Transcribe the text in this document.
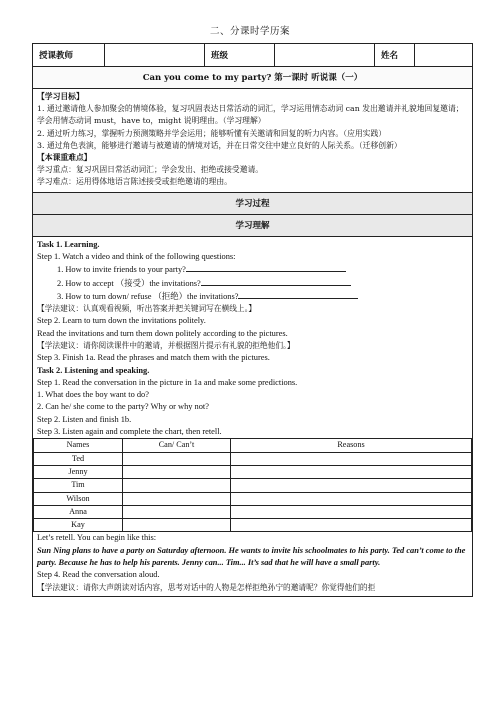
二、分课时学历案
授课教师	班级	姓名
Can you come to my party? 第一课时 听说课（一）

【学习目标】

1. 通过邀请他人参加聚会的情境体验，复习巩固表达日常活动的词汇，学习运用情态动词 can 发出邀请并礼貌地回复邀请；学会用情态动词 must，have to，might 说明理由。（学习理解）

2. 通过听力练习，掌握听力预测策略并学会运用；能够听懂有关邀请和回复的听力内容。（应用实践）

3. 通过角色表演，能够进行邀请与被邀请的情境对话，并在日常交往中建立良好的人际关系。（迁移创新）

【本课重难点】

学习重点：复习巩固日常活动词汇；学会发出、拒绝或接受邀请。

学习难点：运用得体地语言陈述接受或拒绝邀请的理由。

学习过程
学习理解

Task 1. Learning.

Step 1. Watch a video and think of the following questions:

1. How to invite friends to your party?

2. How to accept （接受）the invitations?

3. How to turn down/ refuse （拒绝）the invitations?

【学法建议：认真观看视频，听出答案并把关键词写在横线上。】

Step 2. Learn to turn down the invitations politely.

Read the invitations and turn them down politely according to the pictures.

【学法建议：请你阅读课件中的邀请，并根据图片提示有礼貌的拒绝他们。】

Step 3. Finish 1a. Read the phrases and match them with the pictures.

Task 2. Listening and speaking.

Step 1. Read the conversation in the picture in 1a and make some predictions.

1. What does the boy want to do?

2. Can he/ she come to the party? Why or why not?

Step 2. Listen and finish 1b.

Step 3. Listen again and complete the chart, then retell.

Names	Can/ Can’t	Reasons
Ted		
Jenny		
Tim		
Wilson		
Anna		
Kay		

Let’s retell. You can begin like this:

Sun Ning plans to have a party on Saturday afternoon. He wants to invite his schoolmates to his party. Ted can’t come to the party. Because he has to help his parents. Jenny can... Tim... It’s sad that he will have a small party.

Step 4. Read the conversation aloud.

【学法建议：请你大声朗读对话内容，思考对话中的人物是怎样拒绝孙宁的邀请呢？你觉得他们的拒
